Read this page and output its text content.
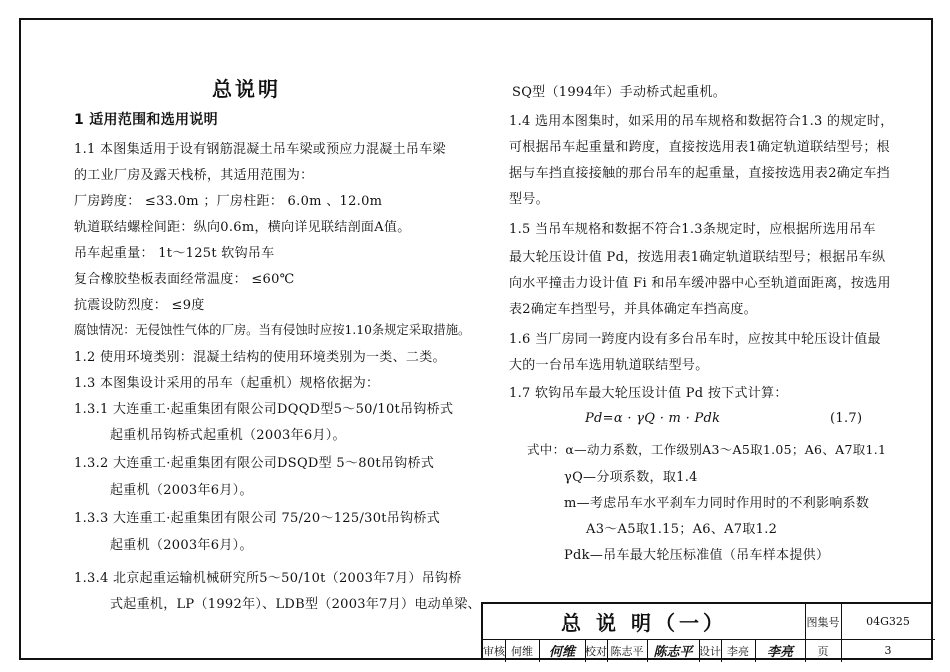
总说明
1 适用范围和选用说明
1.1 本图集适用于设有钢筋混凝土吊车梁或预应力混凝土吊车梁
的工业厂房及露天栈桥，其适用范围为：
厂房跨度： ≤33.0m ；厂房柱距： 6.0m 、12.0m
轨道联结螺栓间距：纵向0.6m，横向详见联结剖面A值。
吊车起重量： 1t～125t 软钩吊车
复合橡胶垫板表面经常温度： ≤60℃
抗震设防烈度： ≤9度
腐蚀情况：无侵蚀性气体的厂房。当有侵蚀时应按1.10条规定采取措施。
1.2 使用环境类别：混凝土结构的使用环境类别为一类、二类。
1.3 本图集设计采用的吊车（起重机）规格依据为：
1.3.1 大连重工·起重集团有限公司DQQD型5～50/10t吊钩桥式
起重机吊钩桥式起重机（2003年6月）。
1.3.2 大连重工·起重集团有限公司DSQD型 5～80t吊钩桥式
起重机（2003年6月）。
1.3.3 大连重工·起重集团有限公司 75/20～125/30t吊钩桥式
起重机（2003年6月）。
1.3.4 北京起重运输机械研究所5～50/10t（2003年7月）吊钩桥
式起重机，LP（1992年）、LDB型（2003年7月）电动单梁、
SQ型（1994年）手动桥式起重机。
1.4 选用本图集时，如采用的吊车规格和数据符合1.3 的规定时，
可根据吊车起重量和跨度，直接按选用表1确定轨道联结型号；根
据与车挡直接接触的那台吊车的起重量，直接按选用表2确定车挡
型号。
1.5 当吊车规格和数据不符合1.3条规定时，应根据所选用吊车
最大轮压设计值 Pd，按选用表1确定轨道联结型号；根据吊车纵
向水平撞击力设计值 Fi 和吊车缓冲器中心至轨道面距离，按选用
表2确定车挡型号，并具体确定车挡高度。
1.6 当厂房同一跨度内设有多台吊车时，应按其中轮压设计值最
大的一台吊车选用轨道联结型号。
1.7 软钩吊车最大轮压设计值 Pd 按下式计算：
Pd=α · γQ · m · Pdk	(1.7)
式中：α—动力系数，工作级别A3～A5取1.05；A6、A7取1.1
γQ—分项系数，取1.4
m—考虑吊车水平刹车力同时作用时的不利影响系数
A3～A5取1.15；A6、A7取1.2
Pdk—吊车最大轮压标准值（吊车样本提供）
总 说 明（一）	图集号	04G325
审核 何维	何维 校对 陈志平 陈志平 设计 李亮	李亮	页	3
